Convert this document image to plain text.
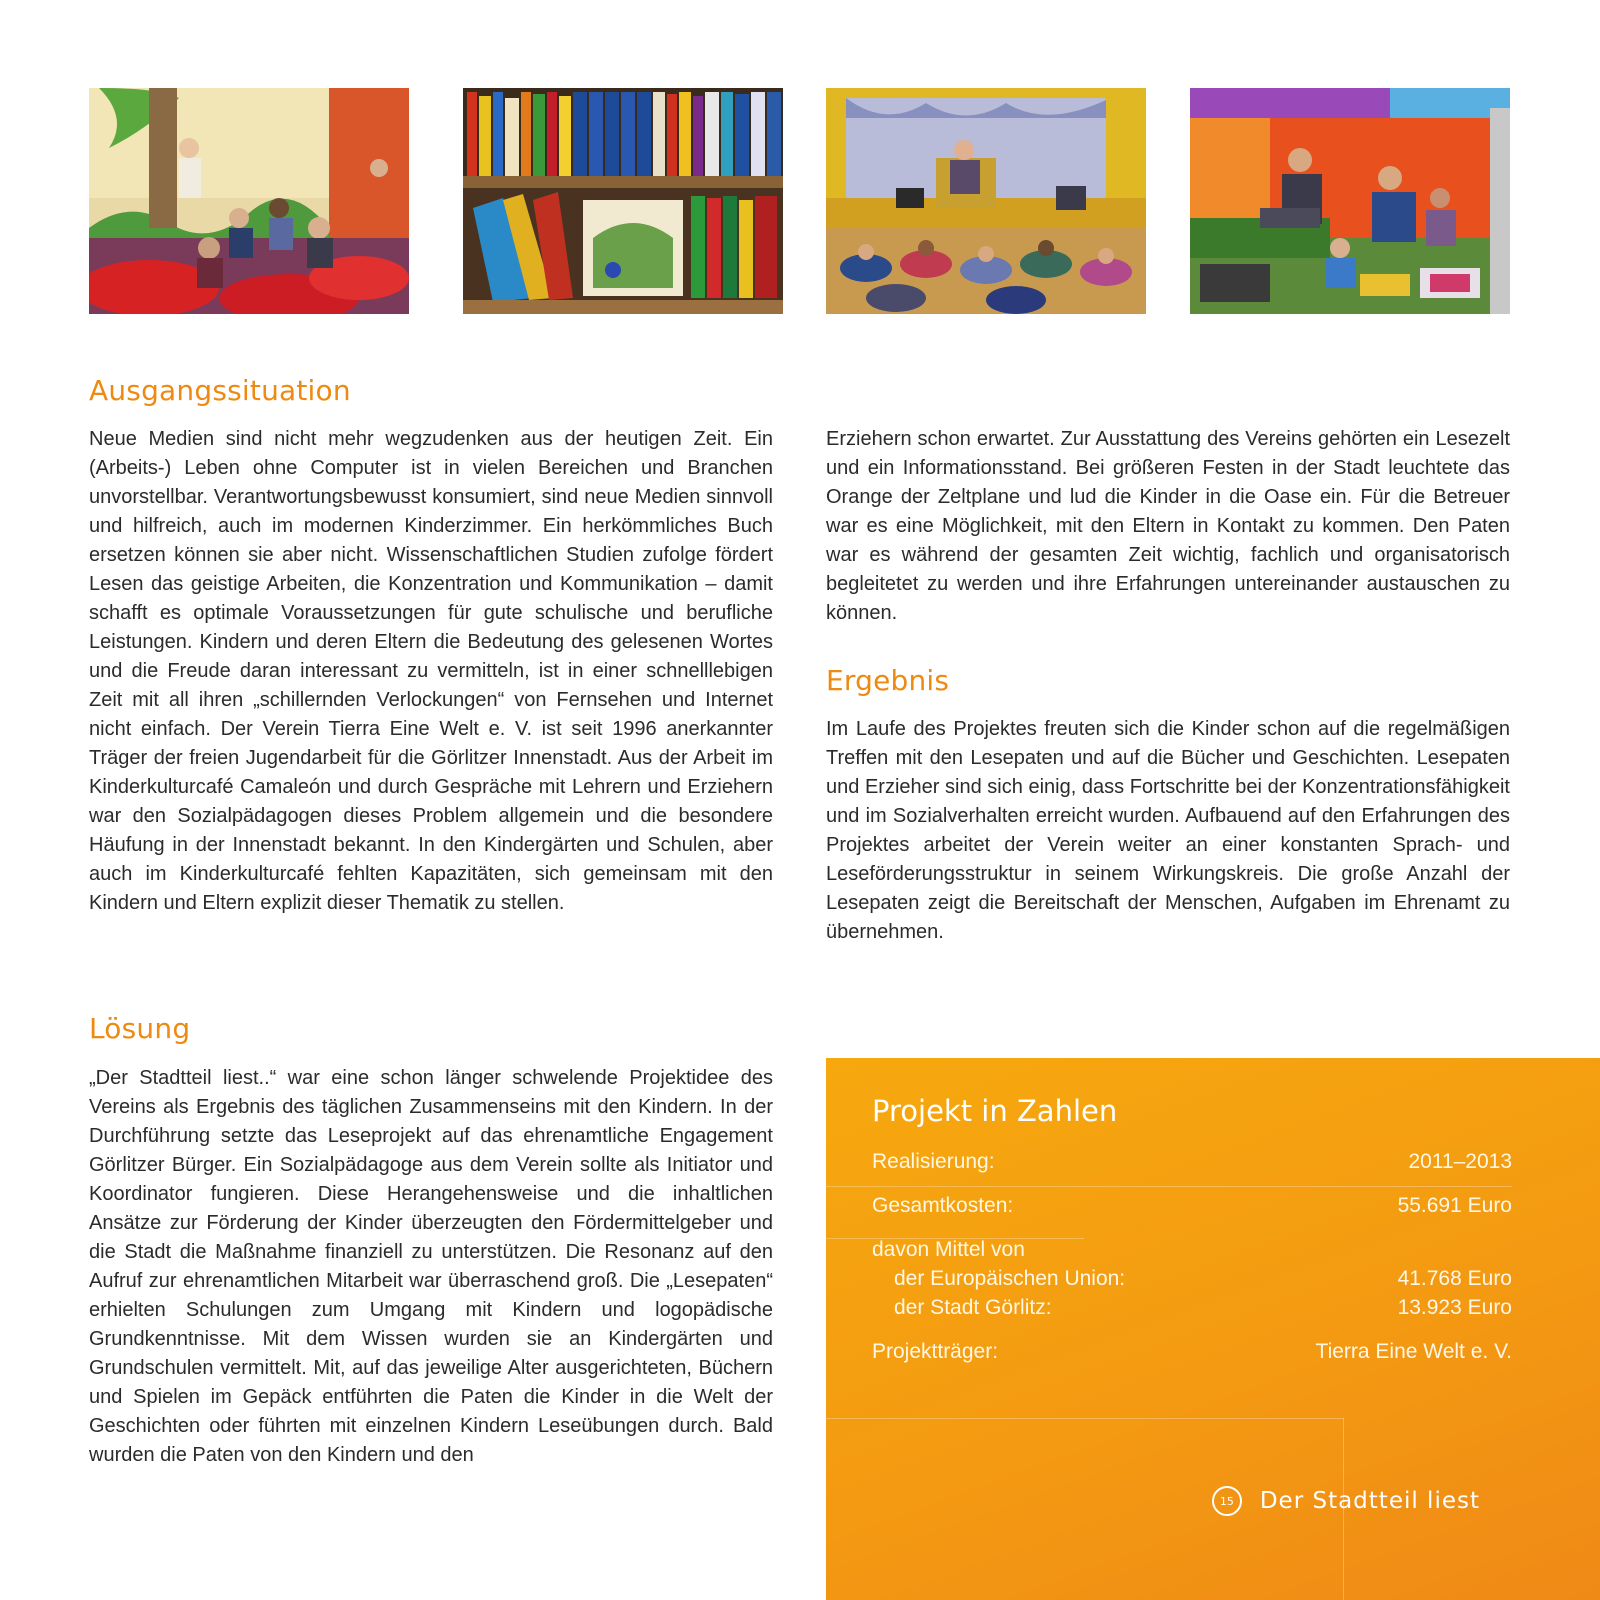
Ausgangssituation

Neue Medien sind nicht mehr wegzudenken aus der heutigen Zeit. Ein (Arbeits-) Leben ohne Computer ist in vielen Bereichen und Branchen unvorstellbar. Verantwortungsbewusst konsumiert, sind neue Medien sinnvoll und hilfreich, auch im modernen Kinderzimmer. Ein herkömmliches Buch ersetzen können sie aber nicht. Wissenschaftlichen Studien zufolge fördert Lesen das geistige Arbeiten, die Konzentration und Kommunikation – damit schafft es optimale Voraussetzungen für gute schulische und berufliche Leistungen. Kindern und deren Eltern die Bedeutung des gelesenen Wortes und die Freude daran interessant zu vermitteln, ist in einer schnelllebigen Zeit mit all ihren „schillernden Verlockungen“ von Fernsehen und Internet nicht einfach. Der Verein Tierra Eine Welt e. V. ist seit 1996 anerkannter Träger der freien Jugendarbeit für die Görlitzer Innenstadt. Aus der Arbeit im Kinderkulturcafé Camaleón und durch Gespräche mit Lehrern und Erziehern war den Sozialpädagogen dieses Problem allgemein und die besondere Häufung in der Innenstadt bekannt. In den Kindergärten und Schulen, aber auch im Kinderkulturcafé fehlten Kapazitäten, sich gemeinsam mit den Kindern und Eltern explizit dieser Thematik zu stellen.

Lösung

„Der Stadtteil liest..“ war eine schon länger schwelende Projektidee des Vereins als Ergebnis des täglichen Zusammenseins mit den Kindern. In der Durchführung setzte das Leseprojekt auf das ehrenamtliche Engagement Görlitzer Bürger. Ein Sozialpädagoge aus dem Verein sollte als Initiator und Koordinator fungieren. Diese Herangehensweise und die inhaltlichen Ansätze zur Förderung der Kinder überzeugten den Fördermittelgeber und die Stadt die Maßnahme finanziell zu unterstützen. Die Resonanz auf den Aufruf zur ehrenamtlichen Mitarbeit war überraschend groß. Die „Lesepaten“ erhielten Schulungen zum Umgang mit Kindern und logopädische Grundkenntnisse. Mit dem Wissen wurden sie an Kindergärten und Grundschulen vermittelt. Mit, auf das jeweilige Alter ausgerichteten, Büchern und Spielen im Gepäck entführten die Paten die Kinder in die Welt der Geschichten oder führten mit einzelnen Kindern Leseübungen durch. Bald wurden die Paten von den Kindern und den

Erziehern schon erwartet. Zur Ausstattung des Vereins gehörten ein Lesezelt und ein Informationsstand. Bei größeren Festen in der Stadt leuchtete das Orange der Zeltplane und lud die Kinder in die Oase ein. Für die Betreuer war es eine Möglichkeit, mit den Eltern in Kontakt zu kommen. Den Paten war es während der gesamten Zeit wichtig, fachlich und organisatorisch begleitetet zu werden und ihre Erfahrungen untereinander austauschen zu können.

Ergebnis

Im Laufe des Projektes freuten sich die Kinder schon auf die regelmäßigen Treffen mit den Lesepaten und auf die Bücher und Geschichten. Lesepaten und Erzieher sind sich einig, dass Fortschritte bei der Konzentrationsfähigkeit und im Sozialverhalten erreicht wurden. Aufbauend auf den Erfahrungen des Projektes arbeitet der Verein weiter an einer konstanten Sprach- und Leseförderungsstruktur in seinem Wirkungskreis. Die große Anzahl der Lesepaten zeigt die Bereitschaft der Menschen, Aufgaben im Ehrenamt zu übernehmen.

Projekt in Zahlen
Realisierung:	2011–2013
Gesamtkosten:	55.691 Euro
davon Mittel von
der Europäischen Union:	41.768 Euro
der Stadt Görlitz:	13.923 Euro
Projektträger:	Tierra Eine Welt e. V.
15	Der Stadtteil liest
